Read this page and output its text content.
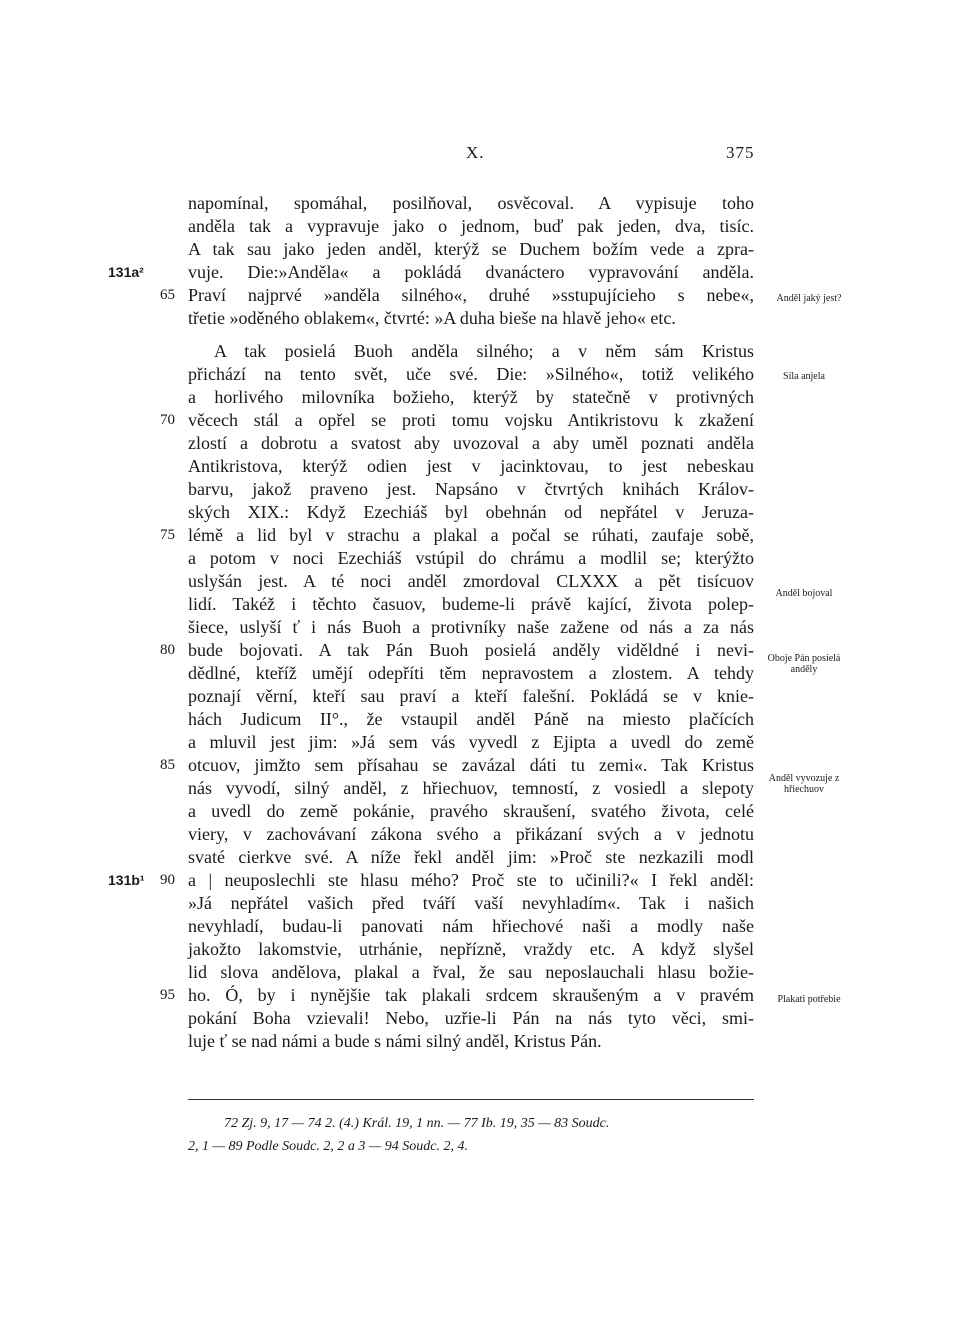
X.	375
napomínal, spomáhal, posilňoval, osvěcoval. A vypisuje toho
anděla tak a vypravuje jako o jednom, buď pak jeden, dva, tisíc.
A tak sau jako jeden anděl, kterýž se Duchem božím vede a zpra-
vuje. Die:»Anděla« a pokládá dvanáctero vypravování anděla.
Praví najprvé »anděla silného«, druhé »sstupujícieho s nebe«,
třetie »oděného oblakem«, čtvrté: »A duha bieše na hlavě jeho« etc.
A tak posielá Buoh anděla silného; a v něm sám Kristus
přichází na tento svět, uče své. Die: »Silného«, totiž velikého
a horlivého milovníka božieho, kterýž by statečně v protivných
věcech stál a opřel se proti tomu vojsku Antikristovu k zkažení
zlostí a dobrotu a svatost aby uvozoval a aby uměl poznati anděla
Antikristova, kterýž odien jest v jacinktovau, to jest nebeskau
barvu, jakož praveno jest. Napsáno v čtvrtých knihách Králov-
ských XIX.: Když Ezechiáš byl obehnán od nepřátel v Jeruza-
lémě a lid byl v strachu a plakal a počal se rúhati, zaufaje sobě,
a potom v noci Ezechiáš vstúpil do chrámu a modlil se; kterýžto
uslyšán jest. A té noci anděl zmordoval CLXXX a pět tisícuov
lidí. Takéž i těchto časuov, budeme-li právě kající, života polep-
šiece, uslyší ť i nás Buoh a protivníky naše zažene od nás a za nás
bude bojovati. A tak Pán Buoh posielá anděly viděldné i nevi-
dědlné, kteříž umějí odepříti těm nepravostem a zlostem. A tehdy
poznají věrní, kteří sau praví a kteří falešní. Pokládá se v knie-
hách Judicum II°., že vstaupil anděl Páně na miesto plačících
a mluvil jest jim: »Já sem vás vyvedl z Ejipta a uvedl do země
otcuov, jimžto sem přísahau se zavázal dáti tu zemi«. Tak Kristus
nás vyvodí, silný anděl, z hřiechuov, temností, z vosiedl a slepoty
a uvedl do země pokánie, pravého skraušení, svatého života, celé
viery, v zachovávaní zákona svého a přikázaní svých a v jednotu
svaté cierkve své. A níže řekl anděl jim: »Proč ste nezkazili modl
a | neuposlechli ste hlasu mého? Proč ste to učinili?« I řekl anděl:
»Já nepřátel vašich před tváří vaší nevyhladím«. Tak i našich
nevyhladí, budau-li panovati nám hřiechové naši a modly naše
jakožto lakomstvie, utrhánie, nepřízně, vraždy etc. A když slyšel
lid slova andělova, plakal a řval, že sau neposlauchali hlasu božie-
ho. Ó, by i nynějšie tak plakali srdcem skraušeným a v pravém
pokání Boha vzievali! Nebo, uzřie-li Pán na nás tyto věci, smi-
luje ť se nad námi a bude s námi silný anděl, Kristus Pán.
65
70
75
80
85
90
95
131a²
131b¹
Anděl jaký jest?
Síla anjela
Anděl bojoval
Oboje Pán posielá anděly
Anděl vyvozuje z hřiechuov
Plakati potřebie
72 Zj. 9, 17 — 74 2. (4.) Král. 19, 1 nn. — 77 Ib. 19, 35 — 83 Soudc.
2, 1 — 89 Podle Soudc. 2, 2 a 3 — 94 Soudc. 2, 4.
